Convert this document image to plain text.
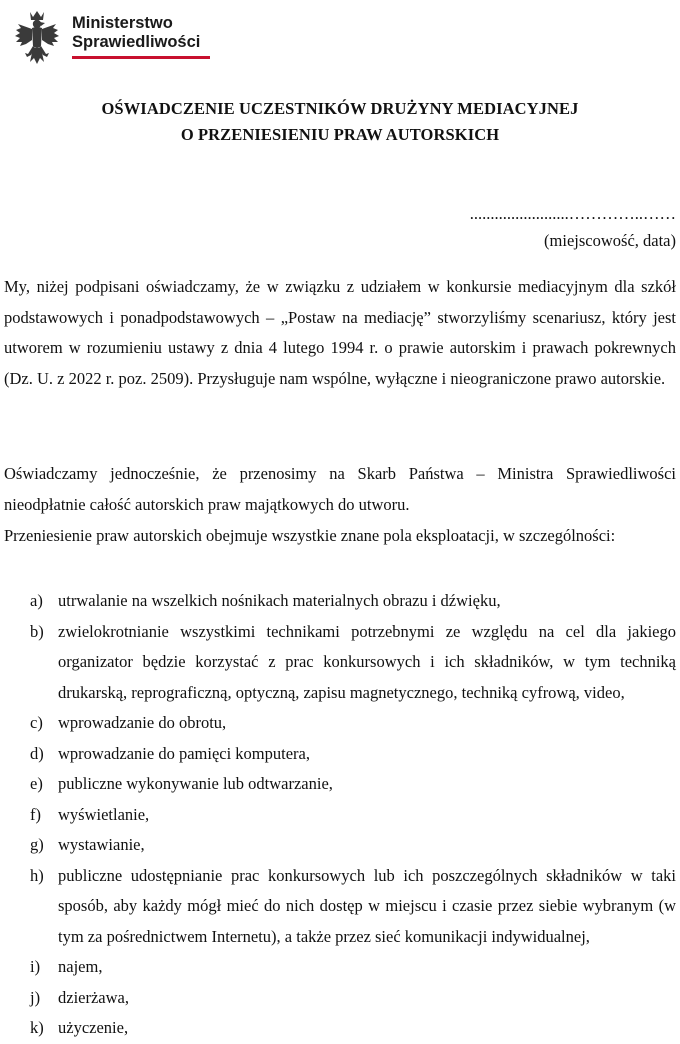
Ministerstwo
Sprawiedliwości
OŚWIADCZENIE UCZESTNIKÓW DRUŻYNY MEDIACYJNEJ
O PRZENIESIENIU PRAW AUTORSKICH
........................…………..……
(miejscowość, data)
My, niżej podpisani oświadczamy, że w związku z udziałem w konkursie mediacyjnym dla szkół podstawowych i ponadpodstawowych – „Postaw na mediację” stworzyliśmy scenariusz, który jest utworem w rozumieniu ustawy z dnia 4 lutego 1994 r. o prawie autorskim i prawach pokrewnych (Dz. U. z 2022 r. poz. 2509). Przysługuje nam wspólne, wyłączne i nieograniczone prawo autorskie.
Oświadczamy jednocześnie, że przenosimy na Skarb Państwa – Ministra Sprawiedliwości nieodpłatnie całość autorskich praw majątkowych do utworu.
Przeniesienie praw autorskich obejmuje wszystkie znane pola eksploatacji, w szczególności:
a) utrwalanie na wszelkich nośnikach materialnych obrazu i dźwięku,
b) zwielokrotnianie wszystkimi technikami potrzebnymi ze względu na cel dla jakiego organizator będzie korzystać z prac konkursowych i ich składników, w tym techniką drukarską, reprograficzną, optyczną, zapisu magnetycznego, techniką cyfrową, video,
c) wprowadzanie do obrotu,
d) wprowadzanie do pamięci komputera,
e) publiczne wykonywanie lub odtwarzanie,
f) wyświetlanie,
g) wystawianie,
h) publiczne udostępnianie prac konkursowych lub ich poszczególnych składników w taki sposób, aby każdy mógł mieć do nich dostęp w miejscu i czasie przez siebie wybranym (w tym za pośrednictwem Internetu), a także przez sieć komunikacji indywidualnej,
i) najem,
j) dzierżawa,
k) użyczenie,
